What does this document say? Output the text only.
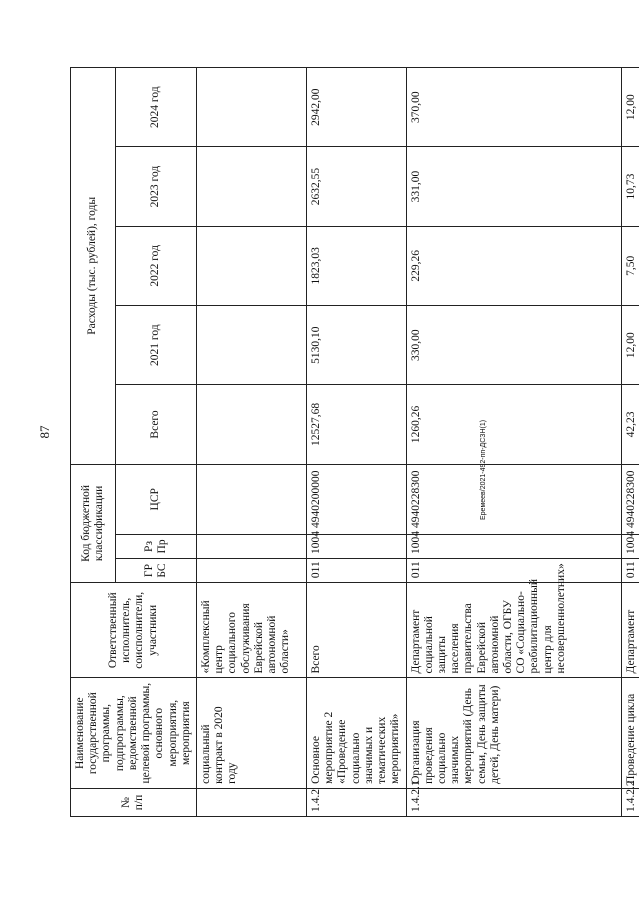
87	Еремеев/2021-492-пп-ДСЗН(1)
№ п/п	Наименование государственной программы, подпрограммы, ведомственной целевой программы, основного мероприятия, мероприятия	Ответственный исполнитель, соисполнители, участники	Код бюджетной классификации			Расходы (тыс. рублей), годы				
			ГР БС	Рз Пр	ЦСР	Всего	2021 год	2022 год	2023 год	2024 год
	социальный контракт в 2020 году	«Комплексный центр социального обслуживания Еврейской автономной области»								
1.4.2	Основное мероприятие 2 «Проведение социально значимых и тематических мероприятий»	Всего	011	1004	4940200000	12527,68	5130,10	1823,03	2632,55	2942,00
1.4.2.1	Организация проведения социально значимых мероприятий (День семьи, День защиты детей, День матери)	Департамент социальной защиты населения правительства Еврейской автономной области, ОГБУ СО «Социально-реабилитационный центр для несовершеннолетних»	011	1004	4940228300	1260,26	330,00	229,26	331,00	370,00
1.4.2.2	Проведение цикла	Департамент	011	1004	4940228300	42,23	12,00	7,50	10,73	12,00
